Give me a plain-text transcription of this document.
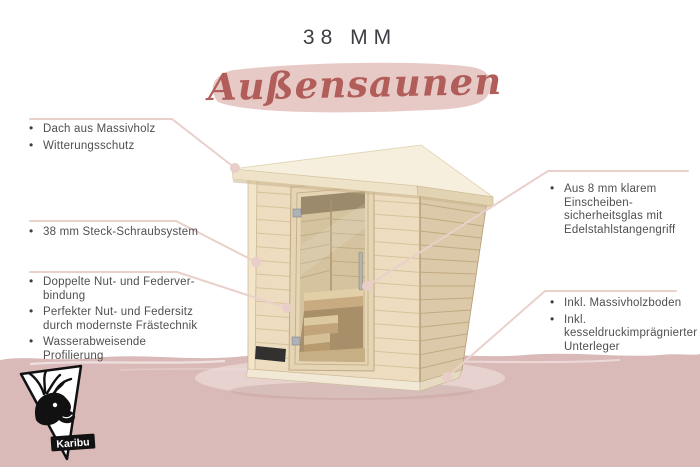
38 MM
Außensaunen
• Dach aus Massivholz
• Witterungsschutz
• 38 mm Steck-Schraubsystem
• Doppelte Nut- und Federver-bindung
• Perfekter Nut- und Federsitz durch modernste Frästechnik
• Wasserabweisende Profilierung
• Aus 8 mm klarem Einscheiben-sicherheitsglas mit Edelstahlstangengriff
• Inkl. Massivholzboden
• Inkl. kesseldruckimprägnierter Unterleger
Karibu
